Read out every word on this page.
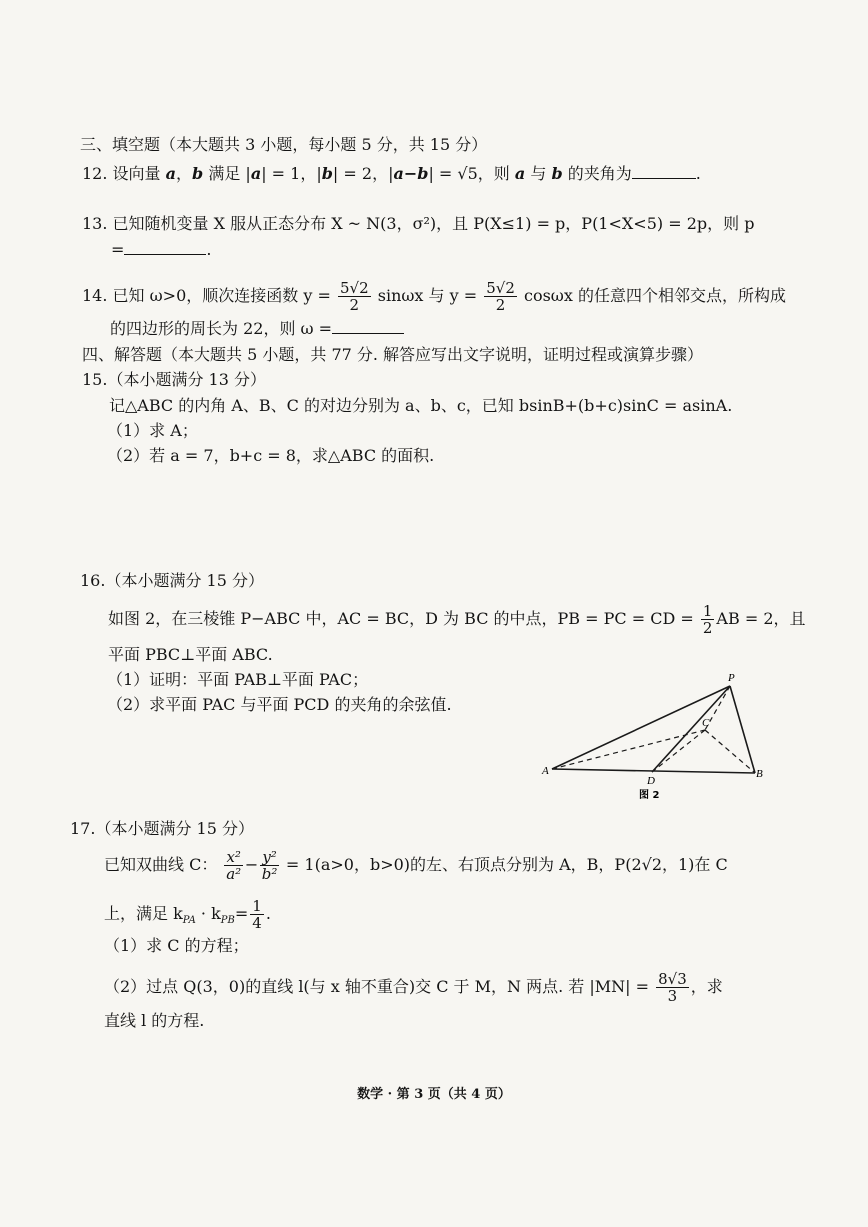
三、填空题（本大题共 3 小题，每小题 5 分，共 15 分）
12. 设向量 a，b 满足 |a| = 1，|b| = 2，|a−b| = √5，则 a 与 b 的夹角为	.
13. 已知随机变量 X 服从正态分布 X ~ N(3，σ²)，且 P(X≤1) = p，P(1<X<5) = 2p，则 p
=	.
14. 已知 ω>0，顺次连接函数 $y = \frac{5√2}{2}$ sinωx 与 $y = \frac{5√2}{2}$ cosωx 的任意四个相邻交点，所构成
的四边形的周长为 22，则 ω =
四、解答题（本大题共 5 小题，共 77 分. 解答应写出文字说明，证明过程或演算步骤）
15.（本小题满分 13 分）
记△ABC 的内角 A、B、C 的对边分别为 a、b、c，已知 bsinB+(b+c)sinC = asinA.
（1）求 A；
（2）若 a = 7，b+c = 8，求△ABC 的面积.
16.（本小题满分 15 分）
如图 2，在三棱锥 P−ABC 中，AC = BC，D 为 BC 的中点，PB = PC = CD = $\frac{1}{2}$ AB = 2，且
平面 PBC⊥平面 ABC.
（1）证明：平面 PAB⊥平面 PAC；
（2）求平面 PAC 与平面 PCD 的夹角的余弦值.
P
C
A
D
B
图 2
17.（本小题满分 15 分）
已知双曲线 C： $\frac{\text{x²}}{\text{a²}} - \frac{\text{y²}}{\text{b²}} = 1(a>0$，b>0)的左、右顶点分别为 A，B，P(2√2，1)在 C
上，满足 $k_{PA} \cdot k_{PB}= \frac{1}{4}$ .
（1）求 C 的方程；
（2）过点 Q(3，0)的直线 l(与 x 轴不重合)交 C 于 M，N 两点. 若 $|MN| = \frac{8√3}{3}$ ，求
直线 l 的方程.
数学 · 第 3 页（共 4 页）
